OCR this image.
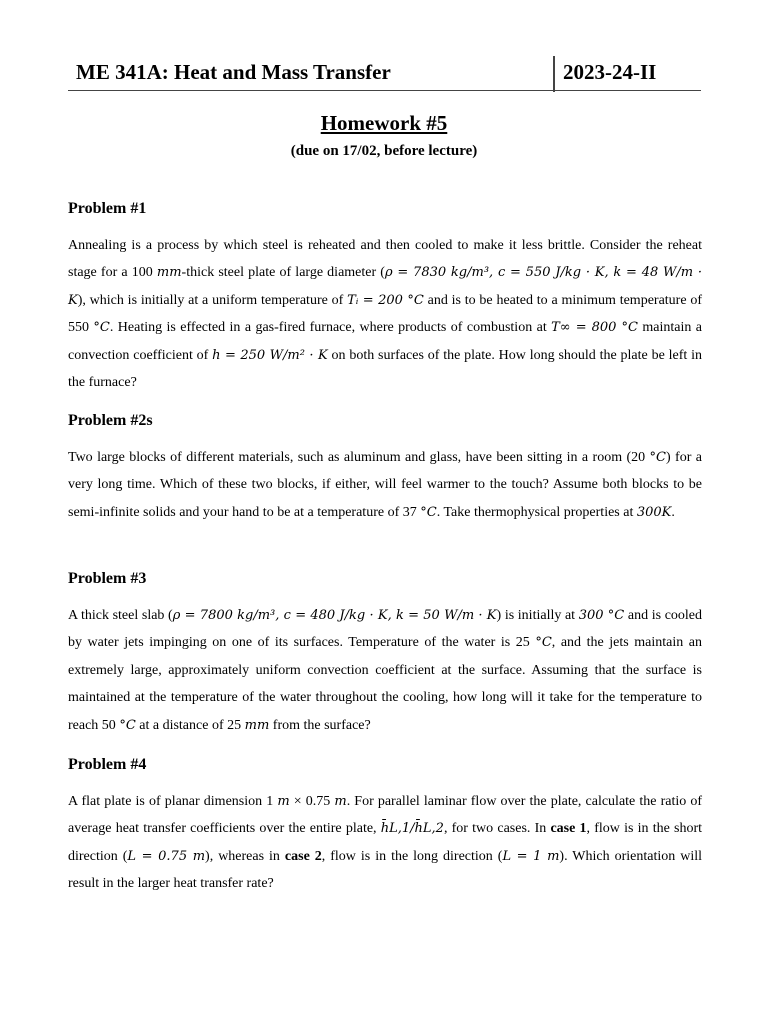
ME 341A: Heat and Mass Transfer	2023-24-II
Homework #5
(due on 17/02, before lecture)
Problem #1

Annealing is a process by which steel is reheated and then cooled to make it less brittle. Consider the reheat stage for a 100 mm-thick steel plate of large diameter (ρ = 7830 kg/m³, c = 550 J/kg · K, k = 48 W/m · K), which is initially at a uniform temperature of Tᵢ = 200 °C and is to be heated to a minimum temperature of 550 °C. Heating is effected in a gas-fired furnace, where products of combustion at T∞ = 800 °C maintain a convection coefficient of h = 250 W/m² · K on both surfaces of the plate. How long should the plate be left in the furnace?

Problem #2s

Two large blocks of different materials, such as aluminum and glass, have been sitting in a room (20 °C) for a very long time. Which of these two blocks, if either, will feel warmer to the touch? Assume both blocks to be semi-infinite solids and your hand to be at a temperature of 37 °C. Take thermophysical properties at 300K.

Problem #3

A thick steel slab (ρ = 7800 kg/m³, c = 480 J/kg · K, k = 50 W/m · K) is initially at 300 °C and is cooled by water jets impinging on one of its surfaces. Temperature of the water is 25 °C, and the jets maintain an extremely large, approximately uniform convection coefficient at the surface. Assuming that the surface is maintained at the temperature of the water throughout the cooling, how long will it take for the temperature to reach 50 °C at a distance of 25 mm from the surface?

Problem #4

A flat plate is of planar dimension 1 m × 0.75 m. For parallel laminar flow over the plate, calculate the ratio of average heat transfer coefficients over the entire plate, h̄L,1/h̄L,2, for two cases. In case 1, flow is in the short direction (L = 0.75 m), whereas in case 2, flow is in the long direction (L = 1 m). Which orientation will result in the larger heat transfer rate?
